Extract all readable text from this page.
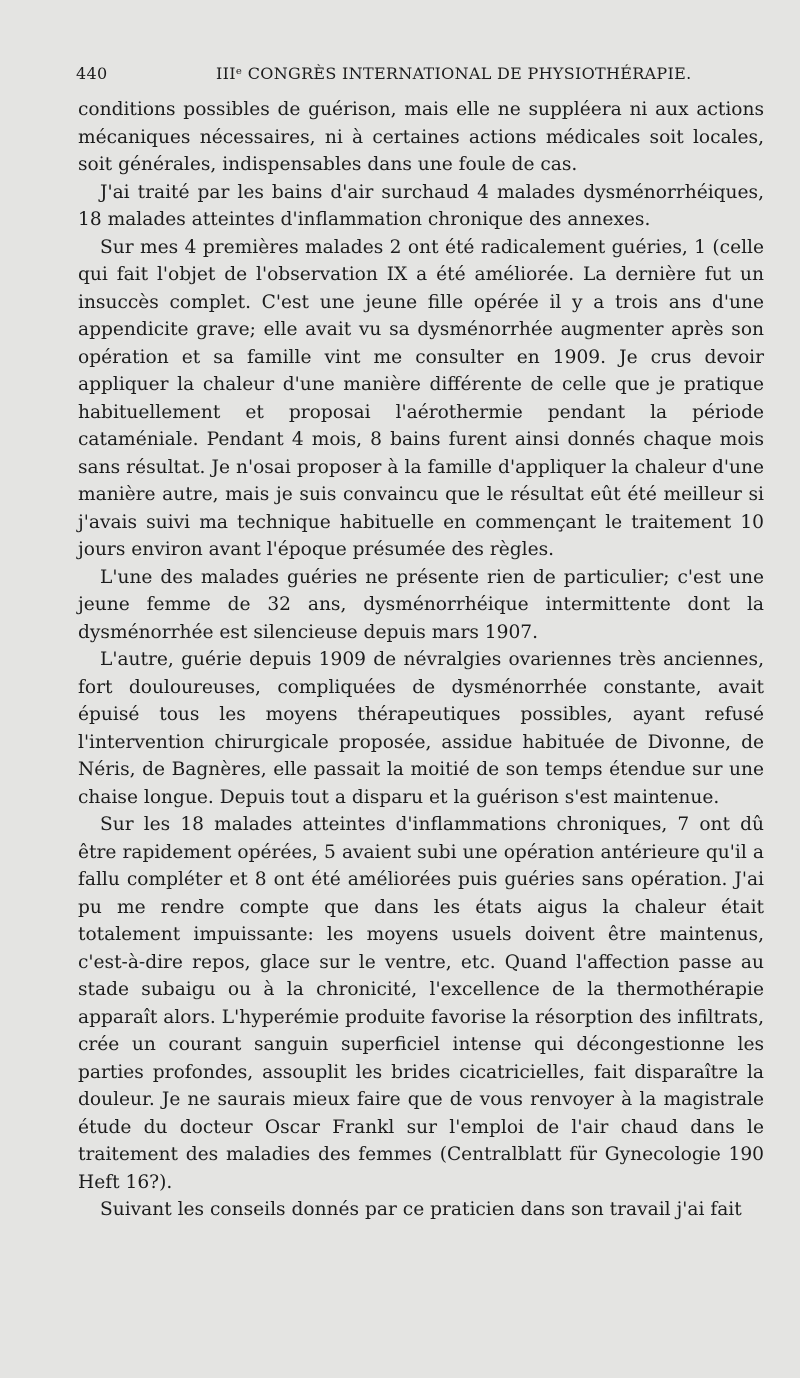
440	IIIᵉ CONGRÈS INTERNATIONAL DE PHYSIOTHÉRAPIE.

conditions possibles de guérison, mais elle ne suppléera ni aux actions mécaniques nécessaires, ni à certaines actions médicales soit locales, soit générales, indispensables dans une foule de cas.

J'ai traité par les bains d'air surchaud 4 malades dysménorrhéiques, 18 malades atteintes d'inflammation chronique des annexes.

Sur mes 4 premières malades 2 ont été radicalement guéries, 1 (celle qui fait l'objet de l'observation IX a été améliorée. La dernière fut un insuccès complet. C'est une jeune fille opérée il y a trois ans d'une appendicite grave; elle avait vu sa dysménorrhée augmenter après son opération et sa famille vint me consulter en 1909. Je crus devoir appliquer la chaleur d'une manière différente de celle que je pratique habituellement et proposai l'aérothermie pendant la période cataméniale. Pendant 4 mois, 8 bains furent ainsi donnés chaque mois sans résultat. Je n'osai proposer à la famille d'appliquer la chaleur d'une manière autre, mais je suis convaincu que le résultat eût été meilleur si j'avais suivi ma technique habituelle en commençant le traitement 10 jours environ avant l'époque présumée des règles.

L'une des malades guéries ne présente rien de particulier; c'est une jeune femme de 32 ans, dysménorrhéique intermittente dont la dysménorrhée est silencieuse depuis mars 1907.

L'autre, guérie depuis 1909 de névralgies ovariennes très anciennes, fort douloureuses, compliquées de dysménorrhée constante, avait épuisé tous les moyens thérapeutiques possibles, ayant refusé l'intervention chirurgicale proposée, assidue habituée de Divonne, de Néris, de Bagnères, elle passait la moitié de son temps étendue sur une chaise longue. Depuis tout a disparu et la guérison s'est maintenue.

Sur les 18 malades atteintes d'inflammations chroniques, 7 ont dû être rapidement opérées, 5 avaient subi une opération antérieure qu'il a fallu compléter et 8 ont été améliorées puis guéries sans opération. J'ai pu me rendre compte que dans les états aigus la chaleur était totalement impuissante: les moyens usuels doivent être maintenus, c'est-à-dire repos, glace sur le ventre, etc. Quand l'affection passe au stade subaigu ou à la chronicité, l'excellence de la thermothérapie apparaît alors. L'hyperémie produite favorise la résorption des infiltrats, crée un courant sanguin superficiel intense qui décongestionne les parties profondes, assouplit les brides cicatricielles, fait disparaître la douleur. Je ne saurais mieux faire que de vous renvoyer à la magistrale étude du docteur Oscar Frankl sur l'emploi de l'air chaud dans le traitement des maladies des femmes (Centralblatt für Gynecologie 190 Heft 16?).

Suivant les conseils donnés par ce praticien dans son travail j'ai fait
